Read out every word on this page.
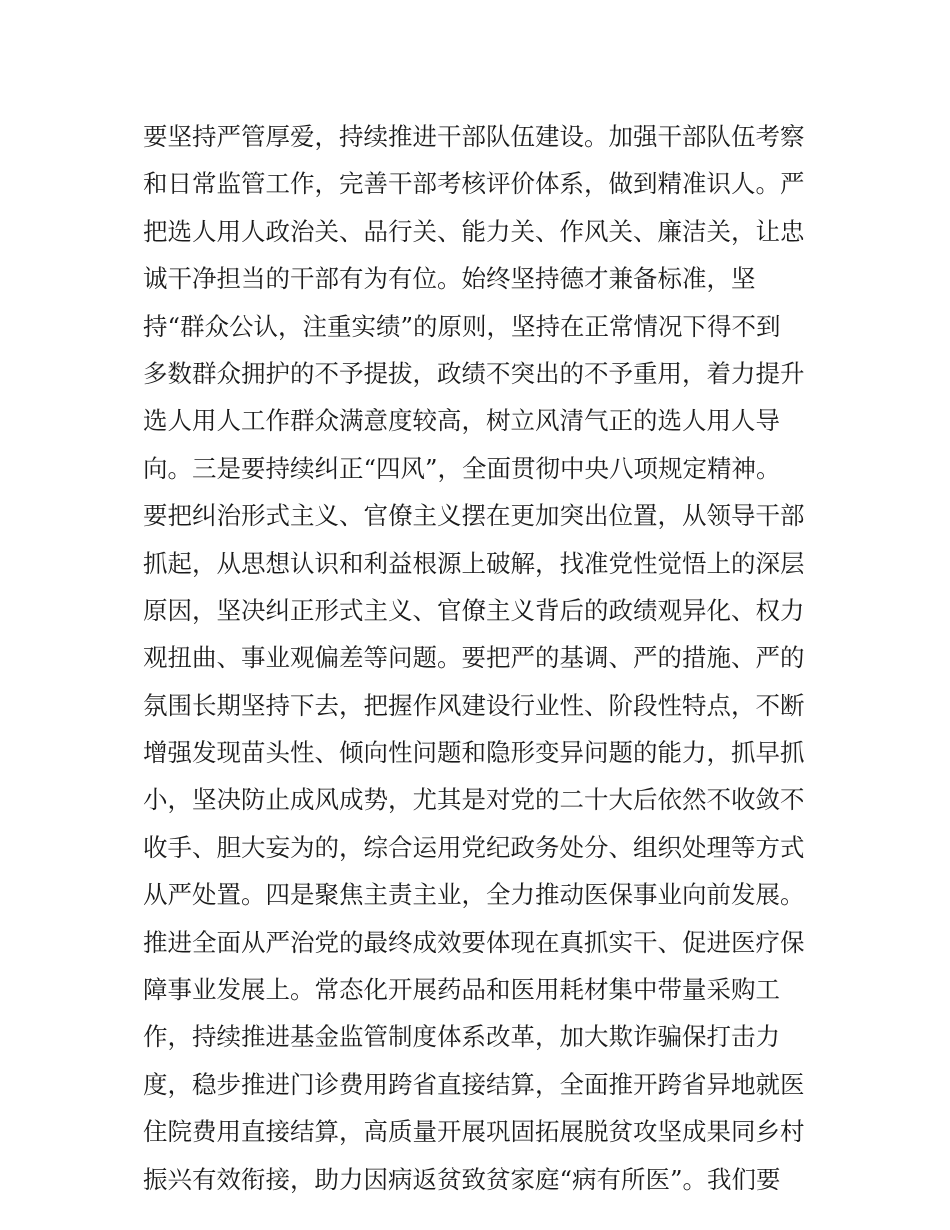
要坚持严管厚爱，持续推进干部队伍建设。加强干部队伍考察
和日常监管工作，完善干部考核评价体系，做到精准识人。严
把选人用人政治关、品行关、能力关、作风关、廉洁关，让忠
诚干净担当的干部有为有位。始终坚持德才兼备标准，坚
持“群众公认，注重实绩”的原则，坚持在正常情况下得不到
多数群众拥护的不予提拔，政绩不突出的不予重用，着力提升
选人用人工作群众满意度较高，树立风清气正的选人用人导
向。三是要持续纠正“四风”，全面贯彻中央八项规定精神。
要把纠治形式主义、官僚主义摆在更加突出位置，从领导干部
抓起，从思想认识和利益根源上破解，找准党性觉悟上的深层
原因，坚决纠正形式主义、官僚主义背后的政绩观异化、权力
观扭曲、事业观偏差等问题。要把严的基调、严的措施、严的
氛围长期坚持下去，把握作风建设行业性、阶段性特点，不断
增强发现苗头性、倾向性问题和隐形变异问题的能力，抓早抓
小，坚决防止成风成势，尤其是对党的二十大后依然不收敛不
收手、胆大妄为的，综合运用党纪政务处分、组织处理等方式
从严处置。四是聚焦主责主业，全力推动医保事业向前发展。
推进全面从严治党的最终成效要体现在真抓实干、促进医疗保
障事业发展上。常态化开展药品和医用耗材集中带量采购工
作，持续推进基金监管制度体系改革，加大欺诈骗保打击力
度，稳步推进门诊费用跨省直接结算，全面推开跨省异地就医
住院费用直接结算，高质量开展巩固拓展脱贫攻坚成果同乡村
振兴有效衔接，助力因病返贫致贫家庭“病有所医”。我们要
